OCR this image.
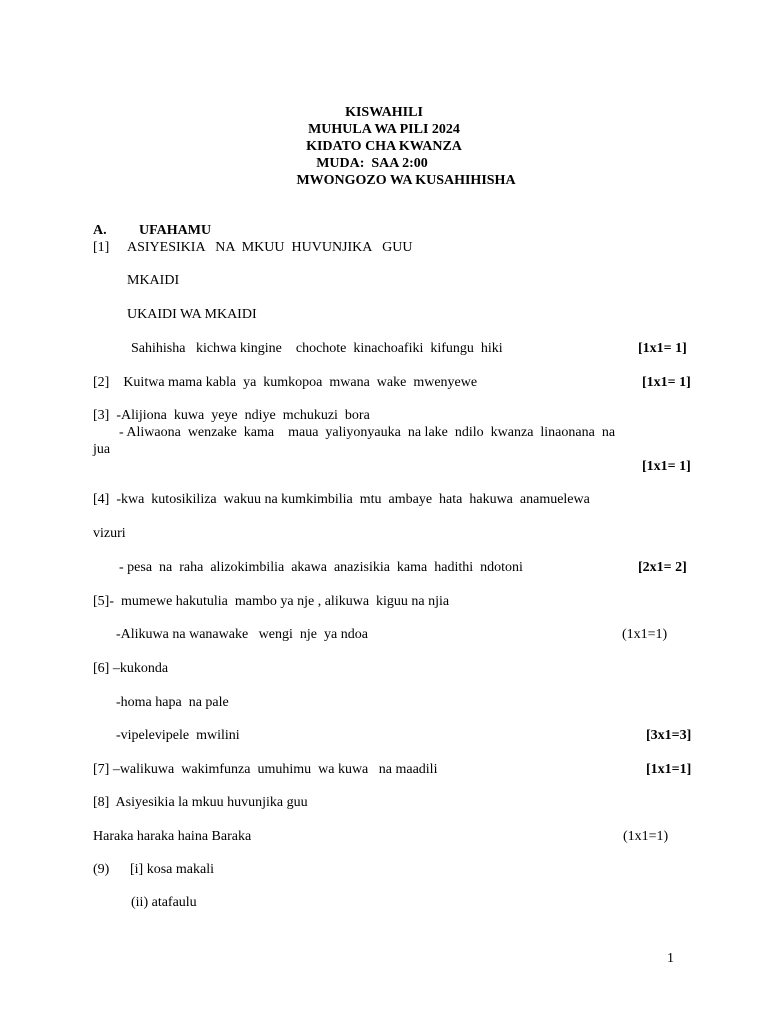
KISWAHILI
MUHULA WA PILI 2024
KIDATO CHA KWANZA
MUDA:  SAA 2:00
MWONGOZO WA KUSAHIHISHA
A. UFAHAMU
[1] ASIYESIKIA   NA  MKUU  HUVUNJIKA   GUU
MKAIDI
UKAIDI WA MKAIDI
Sahihisha   kichwa kingine    chochote  kinachoafiki  kifungu  hiki	[1x1= 1]
[2]    Kuitwa mama kabla  ya  kumkopoa  mwana  wake  mwenyewe	[1x1= 1]
[3]  -Alijiona  kuwa  yeye  ndiye  mchukuzi  bora
- Aliwaona  wenzake  kama    maua  yaliyonyauka  na lake  ndilo  kwanza  linaonana  na
jua
[1x1= 1]
[4]  -kwa  kutosikiliza  wakuu na kumkimbilia  mtu  ambaye  hata  hakuwa  anamuelewa
vizuri
- pesa  na  raha  alizokimbilia  akawa  anazisikia  kama  hadithi  ndotoni	[2x1= 2]
[5]-  mumewe hakutulia  mambo ya nje , alikuwa  kiguu na njia
-Alikuwa na wanawake   wengi  nje  ya ndoa	(1x1=1)
[6] –kukonda
-homa hapa  na pale
-vipelevipele  mwilini	[3x1=3]
[7] –walikuwa  wakimfunza  umuhimu  wa kuwa   na maadili	[1x1=1]
[8]  Asiyesikia la mkuu huvunjika guu
Haraka haraka haina Baraka	(1x1=1)
(9) [i] kosa makali
(ii) atafaulu
1
